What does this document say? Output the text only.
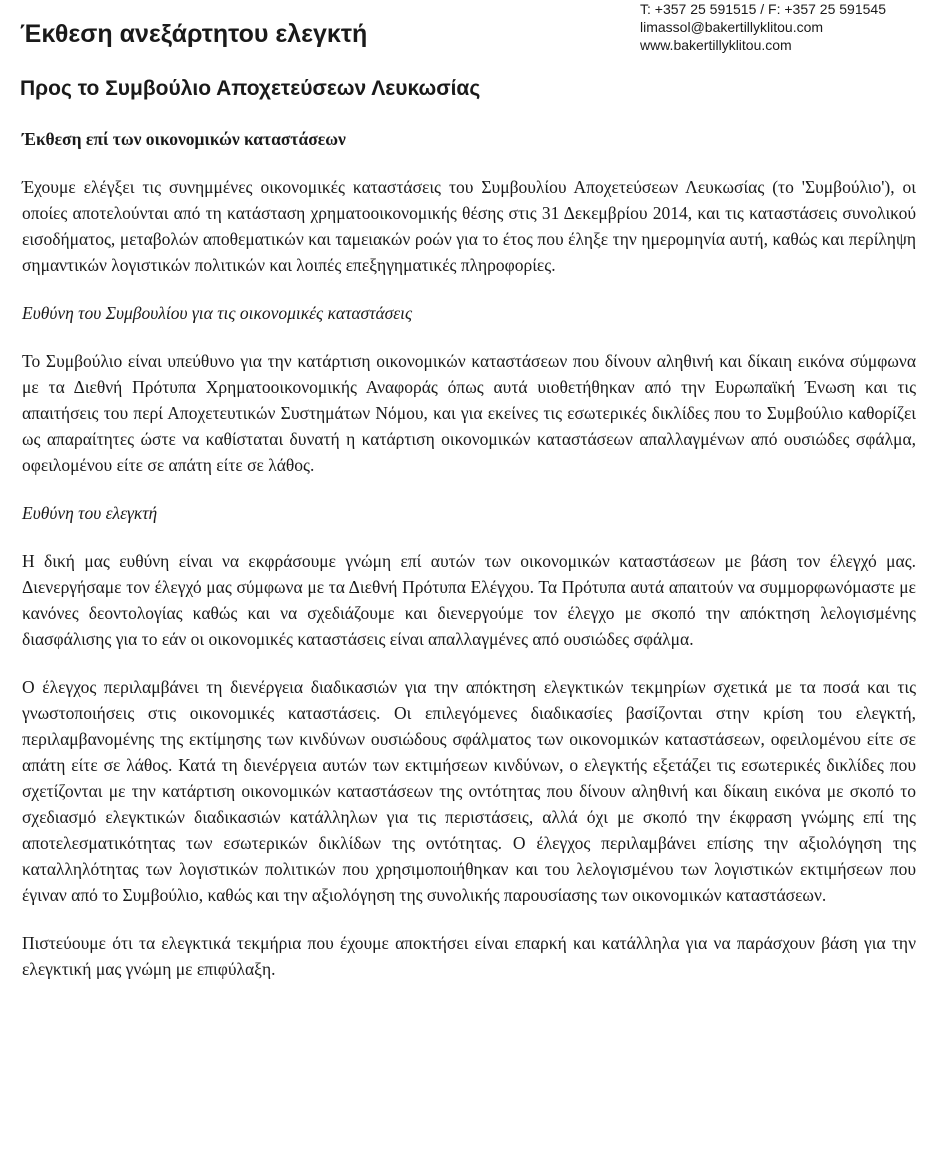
T: +357 25 591515 / F: +357 25 591545
limassol@bakertillyklitou.com
www.bakertillyklitou.com
Έκθεση ανεξάρτητου ελεγκτή
Προς το Συμβούλιο Αποχετεύσεων Λευκωσίας
Έκθεση επί των οικονομικών καταστάσεων

Έχουμε ελέγξει τις συνημμένες οικονομικές καταστάσεις του Συμβουλίου Αποχετεύσεων Λευκωσίας (το 'Συμβούλιο'), οι οποίες αποτελούνται από τη κατάσταση χρηματοοικονομικής θέσης στις 31 Δεκεμβρίου 2014, και τις καταστάσεις συνολικού εισοδήματος, μεταβολών αποθεματικών και ταμειακών ροών για το έτος που έληξε την ημερομηνία αυτή, καθώς και περίληψη σημαντικών λογιστικών πολιτικών και λοιπές επεξηγηματικές πληροφορίες.

Ευθύνη του Συμβουλίου για τις οικονομικές καταστάσεις

Το Συμβούλιο είναι υπεύθυνο για την κατάρτιση οικονομικών καταστάσεων που δίνουν αληθινή και δίκαιη εικόνα σύμφωνα με τα Διεθνή Πρότυπα Χρηματοοικονομικής Αναφοράς όπως αυτά υιοθετήθηκαν από την Ευρωπαϊκή Ένωση και τις απαιτήσεις του περί Αποχετευτικών Συστημάτων Νόμου, και για εκείνες τις εσωτερικές δικλίδες που το Συμβούλιο καθορίζει ως απαραίτητες ώστε να καθίσταται δυνατή η κατάρτιση οικονομικών καταστάσεων απαλλαγμένων από ουσιώδες σφάλμα, οφειλομένου είτε σε απάτη είτε σε λάθος.

Ευθύνη του ελεγκτή

Η δική μας ευθύνη είναι να εκφράσουμε γνώμη επί αυτών των οικονομικών καταστάσεων με βάση τον έλεγχό μας. Διενεργήσαμε τον έλεγχό μας σύμφωνα με τα Διεθνή Πρότυπα Ελέγχου. Τα Πρότυπα αυτά απαιτούν να συμμορφωνόμαστε με κανόνες δεοντολογίας καθώς και να σχεδιάζουμε και διενεργούμε τον έλεγχο με σκοπό την απόκτηση λελογισμένης διασφάλισης για το εάν οι οικονομικές καταστάσεις είναι απαλλαγμένες από ουσιώδες σφάλμα.

Ο έλεγχος περιλαμβάνει τη διενέργεια διαδικασιών για την απόκτηση ελεγκτικών τεκμηρίων σχετικά με τα ποσά και τις γνωστοποιήσεις στις οικονομικές καταστάσεις. Οι επιλεγόμενες διαδικασίες βασίζονται στην κρίση του ελεγκτή, περιλαμβανομένης της εκτίμησης των κινδύνων ουσιώδους σφάλματος των οικονομικών καταστάσεων, οφειλομένου είτε σε απάτη είτε σε λάθος. Κατά τη διενέργεια αυτών των εκτιμήσεων κινδύνων, ο ελεγκτής εξετάζει τις εσωτερικές δικλίδες που σχετίζονται με την κατάρτιση οικονομικών καταστάσεων της οντότητας που δίνουν αληθινή και δίκαιη εικόνα με σκοπό το σχεδιασμό ελεγκτικών διαδικασιών κατάλληλων για τις περιστάσεις, αλλά όχι με σκοπό την έκφραση γνώμης επί της αποτελεσματικότητας των εσωτερικών δικλίδων της οντότητας. Ο έλεγχος περιλαμβάνει επίσης την αξιολόγηση της καταλληλότητας των λογιστικών πολιτικών που χρησιμοποιήθηκαν και του λελογισμένου των λογιστικών εκτιμήσεων που έγιναν από το Συμβούλιο, καθώς και την αξιολόγηση της συνολικής παρουσίασης των οικονομικών καταστάσεων.

Πιστεύουμε ότι τα ελεγκτικά τεκμήρια που έχουμε αποκτήσει είναι επαρκή και κατάλληλα για να παράσχουν βάση για την ελεγκτική μας γνώμη με επιφύλαξη.
